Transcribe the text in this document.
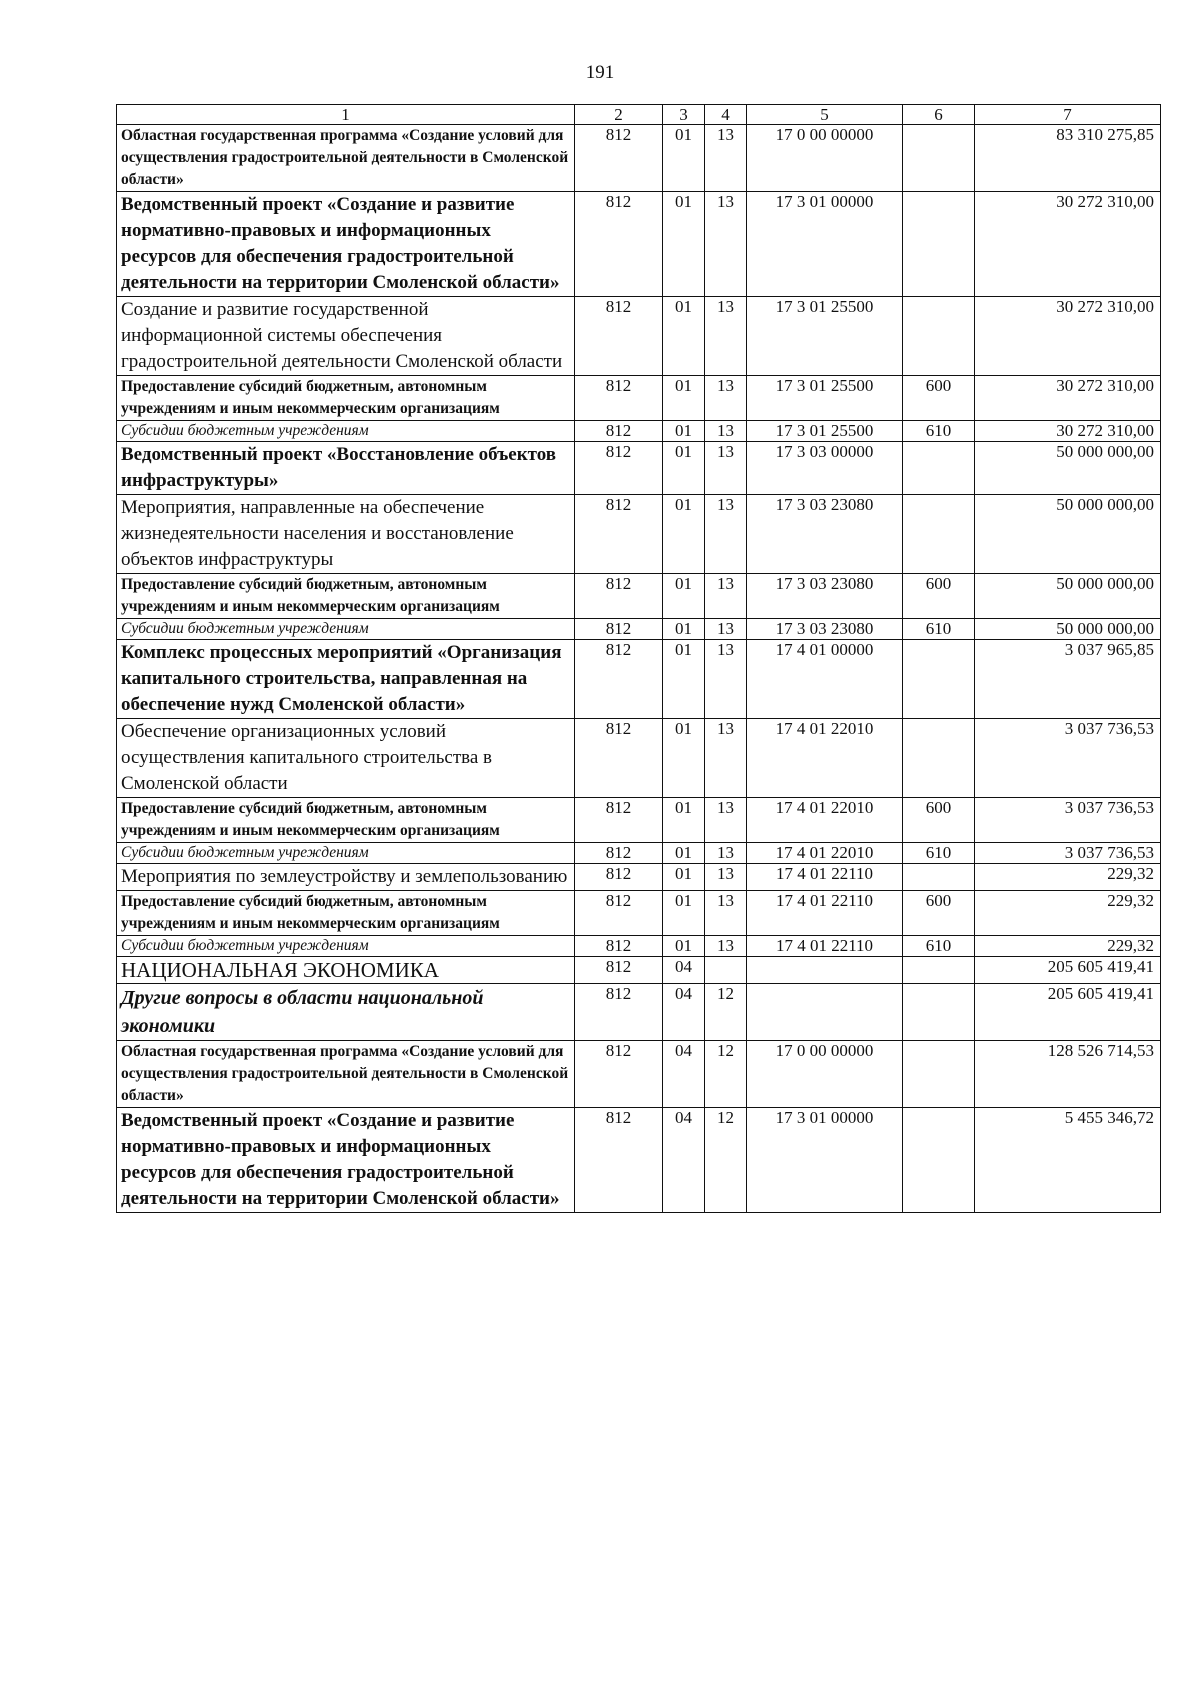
191
1	2	3	4	5	6	7
Областная государственная программа «Создание условий для осуществления градостроительной деятельности в Смоленской области»	812	01	13	17 0 00 00000		83 310 275,85
Ведомственный проект «Создание и развитие нормативно-правовых и информационных ресурсов для обеспечения градостроительной деятельности на территории Смоленской области»	812	01	13	17 3 01 00000		30 272 310,00
Создание и развитие государственной информационной системы обеспечения градостроительной деятельности Смоленской области	812	01	13	17 3 01 25500		30 272 310,00
Предоставление субсидий бюджетным, автономным учреждениям и иным некоммерческим организациям	812	01	13	17 3 01 25500	600	30 272 310,00
Субсидии бюджетным учреждениям	812	01	13	17 3 01 25500	610	30 272 310,00
Ведомственный проект «Восстановление объектов инфраструктуры»	812	01	13	17 3 03 00000		50 000 000,00
Мероприятия, направленные на обеспечение жизнедеятельности населения и восстановление объектов инфраструктуры	812	01	13	17 3 03 23080		50 000 000,00
Предоставление субсидий бюджетным, автономным учреждениям и иным некоммерческим организациям	812	01	13	17 3 03 23080	600	50 000 000,00
Субсидии бюджетным учреждениям	812	01	13	17 3 03 23080	610	50 000 000,00
Комплекс процессных мероприятий «Организация капитального строительства, направленная на обеспечение нужд Смоленской области»	812	01	13	17 4 01 00000		3 037 965,85
Обеспечение организационных условий осуществления капитального строительства в Смоленской области	812	01	13	17 4 01 22010		3 037 736,53
Предоставление субсидий бюджетным, автономным учреждениям и иным некоммерческим организациям	812	01	13	17 4 01 22010	600	3 037 736,53
Субсидии бюджетным учреждениям	812	01	13	17 4 01 22010	610	3 037 736,53
Мероприятия по землеустройству и землепользованию	812	01	13	17 4 01 22110		229,32
Предоставление субсидий бюджетным, автономным учреждениям и иным некоммерческим организациям	812	01	13	17 4 01 22110	600	229,32
Субсидии бюджетным учреждениям	812	01	13	17 4 01 22110	610	229,32
НАЦИОНАЛЬНАЯ ЭКОНОМИКА	812	04				205 605 419,41
Другие вопросы в области национальной экономики	812	04	12			205 605 419,41
Областная государственная программа «Создание условий для осуществления градостроительной деятельности в Смоленской области»	812	04	12	17 0 00 00000		128 526 714,53
Ведомственный проект «Создание и развитие нормативно-правовых и информационных ресурсов для обеспечения градостроительной деятельности на территории Смоленской области»	812	04	12	17 3 01 00000		5 455 346,72
